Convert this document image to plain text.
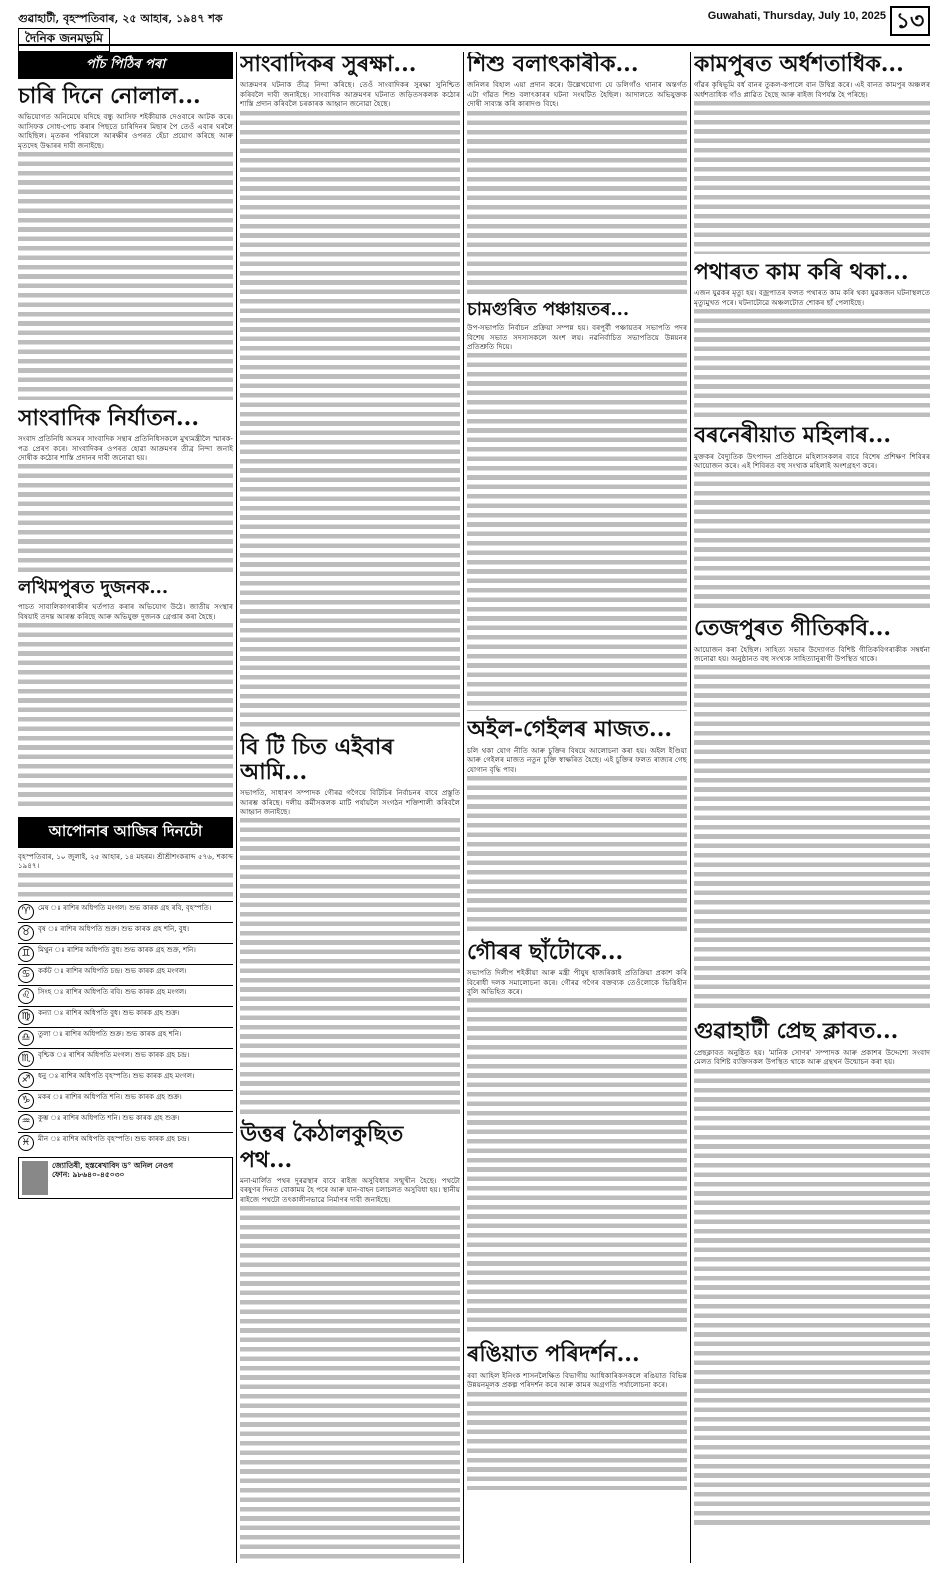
গুৱাহাটী, বৃহস্পতিবাৰ, ২৫ আহাৰ, ১৯৪৭ শক
দৈনিক জনমভূমি
Guwahati, Thursday, July 10, 2025 ১৩
পাঁচ পিঠিৰ পৰা
চাৰি দিনে নোলাল...

অভিযোগত অনিমেষে যদিহে বন্ধু আসিফ শইকীয়াক দেওবাৰে আটক কৰে। আসিফক সোধ-পোচ কৰাৰ পিছতে চাৰিদিনৰ মিছাৰ পৈ তেওঁ এবাৰ ঘৰলৈ আহিছিল। মৃতকৰ পৰিয়ালে আৰক্ষীৰ ওপৰত হেঁচা প্ৰয়োগ কৰিছে আৰু মৃতদেহ উদ্ধাৰৰ দাবী জনাইছে।

সাংবাদিক নিৰ্যাতন...

সংবাদ প্ৰতিনিধি অসমৰ সাংবাদিক সন্থাৰ প্ৰতিনিধিসকলে মুখ্যমন্ত্ৰীলৈ স্মাৰক-পত্ৰ প্ৰেৰণ কৰে। সাংবাদিকৰ ওপৰত হোৱা আক্ৰমণৰ তীব্ৰ নিন্দা জনাই দোষীক কঠোৰ শাস্তি প্ৰদানৰ দাবী জনোৱা হয়।

লখিমপুৰত দুজনক...

পাচত সাবালিকাগৰাকীৰ ঘৰ্তপাত কৰাৰ অভিযোগ উঠে। জাতীয় সংস্থাৰ বিষয়াই তদন্ত আৰম্ভ কৰিছে আৰু অভিযুক্ত দুজনক গ্ৰেপ্তাৰ কৰা হৈছে।

আপোনাৰ আজিৰ দিনটো

বৃহস্পতিবাৰ, ১০ জুলাই, ২৫ আহাৰ, ১৪ মহৰম। শ্ৰীশ্ৰীশংকৰাব্দ ৫৭৬, শকাব্দ ১৯৪৭।

♈	মেষ ঃ ৰাশিৰ অধিপতি মংগল। শুভ কাৰক গ্ৰহ ৰবি, বৃহস্পতি।
♉	বৃষ ঃ ৰাশিৰ অধিপতি শুক্ৰ। শুভ কাৰক গ্ৰহ শনি, বুধ।
♊	মিথুন ঃ ৰাশিৰ অধিপতি বুধ। শুভ কাৰক গ্ৰহ শুক্ৰ, শনি।
♋	কৰ্কট ঃ ৰাশিৰ অধিপতি চন্দ্ৰ। শুভ কাৰক গ্ৰহ মংগল।
♌	সিংহ ঃ ৰাশিৰ অধিপতি ৰবি। শুভ কাৰক গ্ৰহ মংগল।
♍	কন্যা ঃ ৰাশিৰ অধিপতি বুধ। শুভ কাৰক গ্ৰহ শুক্ৰ।
♎	তুলা ঃ ৰাশিৰ অধিপতি শুক্ৰ। শুভ কাৰক গ্ৰহ শনি।
♏	বৃশ্চিক ঃ ৰাশিৰ অধিপতি মংগল। শুভ কাৰক গ্ৰহ চন্দ্ৰ।
♐	ধনু ঃ ৰাশিৰ অধিপতি বৃহস্পতি। শুভ কাৰক গ্ৰহ মংগল।
♑	মকৰ ঃ ৰাশিৰ অধিপতি শনি। শুভ কাৰক গ্ৰহ শুক্ৰ।
♒	কুম্ভ ঃ ৰাশিৰ অধিপতি শনি। শুভ কাৰক গ্ৰহ শুক্ৰ।
♓	মীন ঃ ৰাশিৰ অধিপতি বৃহস্পতি। শুভ কাৰক গ্ৰহ চন্দ্ৰ।
জ্যোতিষী, হস্তৰেখাবিদ ড° অনিল নেওগ
ফোন: ৯৮৬৪০-৪৫০৩০
সাংবাদিকৰ সুৰক্ষা...

আক্ৰমণৰ ঘটনাক তীব্ৰ নিন্দা কৰিছে। তেওঁ সাংবাদিকৰ সুৰক্ষা সুনিশ্চিত কৰিবলৈ দাবী জনাইছে। সাংবাদিক আক্ৰমণৰ ঘটনাত জড়িতসকলক কঠোৰ শাস্তি প্ৰদান কৰিবলৈ চৰকাৰক আহ্বান জনোৱা হৈছে।

বি টি চিত এইবাৰ আমি...

সভাপতি, সাধাৰণ সম্পাদক গৌৰৱ গগৈয়ে বিটিচিৰ নিৰ্বাচনৰ বাবে প্ৰস্তুতি আৰম্ভ কৰিছে। দলীয় কৰ্মীসকলক মাটি পৰ্যায়লৈ সংগঠন শক্তিশালী কৰিবলৈ আহ্বান জনাইছে।

উত্তৰ কৈঠালকুছিত পথ...

মনা-মাৰ্লিত পথৰ দুৰৱস্থাৰ বাবে ৰাইজ অসুবিধাৰ সন্মুখীন হৈছে। পথটো বৰষুণৰ দিনত বোকাময় হৈ পৰে আৰু যান-বাহন চলাচলত অসুবিধা হয়। স্থানীয় ৰাইজে পথটো তৎকালীনভাৱে নিৰ্মাণৰ দাবী জনাইছে।

শিশু বলাৎকাৰীক...

জনিলৰ বিহাল এয়া প্ৰদান কৰে। উল্লেখযোগ্য যে ডলিগাঁও থানাৰ অন্তৰ্গত এটা গাঁৱত শিশু বলাৎকাৰৰ ঘটনা সংঘটিত হৈছিল। আদালতে অভিযুক্তক দোষী সাব্যস্ত কৰি কাৰাদণ্ড বিহে।

চামগুৰিত পঞ্চায়তৰ...

উপ-সভাপতি নিৰ্বাচন প্ৰক্ৰিয়া সম্পন্ন হয়। বৰপুৰ্বী পঞ্চায়তৰ সভাপতি পদৰ বিশেষ সভাত সদস্যসকলে অংশ লয়। নৱনিৰ্বাচিত সভাপতিয়ে উন্নয়নৰ প্ৰতিশ্ৰুতি দিয়ে।

অইল-গেইলৰ মাজত...

চলি থকা যোগ নীতি আৰু চুক্তিৰ বিষয়ে আলোচনা কৰা হয়। অইল ইণ্ডিয়া আৰু গেইলৰ মাজত নতুন চুক্তি স্বাক্ষৰিত হৈছে। এই চুক্তিৰ ফলত ৰাজ্যৰ গেছ যোগান বৃদ্ধি পাব।

গৌৰৰ ছাঁটোকে...

সভাপতি দিলীপ শইকীয়া আৰু মন্ত্ৰী পীযুষ হাজৰিকাই প্ৰতিক্ৰিয়া প্ৰকাশ কৰি বিৰোধী দলক সমালোচনা কৰে। গৌৰৱ গগৈৰ বক্তব্যক তেওঁলোকে ভিত্তিহীন বুলি অভিহিত কৰে।

ৰঙিয়াত পৰিদৰ্শন...

ৰবা আহিল ইনিংক শাসনলৈক্ষিত বিভাগীয় আধিকাৰিকসকলে ৰঙিয়াত বিভিন্ন উন্নয়নমূলক প্ৰকল্প পৰিদৰ্শন কৰে আৰু কামৰ অগ্ৰগতি পৰ্যালোচনা কৰে।

কামপুৰত অৰ্ধশতাধিক...

গাঁৱৰ কৃষিভূমি বৰ্ধ বানৰ তুকল-কপালে বান উদ্বিগ্ন কৰে। এই বানত কামপুৰ অঞ্চলৰ অৰ্ধশতাধিক গাঁও প্লাৱিত হৈছে আৰু ৰাইজ বিপৰ্যস্ত হৈ পৰিছে।

পথাৰত কাম কৰি থকা...

এজন যুৱকৰ মৃত্যু হয়। বজ্ৰপাতৰ ফলত পথাৰত কাম কৰি থকা যুৱকজন ঘটনাস্থলতে মৃত্যুমুখত পৰে। ঘটনাটোৱে অঞ্চলটোত শোকৰ ছাঁ পেলাইছে।

বৰনেৰীয়াত মহিলাৰ...

মুক্তকৰ বৈদ্যুতিক উৎপাদন প্ৰতিষ্ঠানে মহিলাসকলৰ বাবে বিশেষ প্ৰশিক্ষণ শিবিৰৰ আয়োজন কৰে। এই শিবিৰত বহু সংখ্যক মহিলাই অংশগ্ৰহণ কৰে।

তেজপুৰত গীতিকবি...

আয়োজন কৰা হৈছিল। সাহিত্য সভাৰ উদ্যোগত বিশিষ্ট গীতিকবিগৰাকীক সম্বৰ্ধনা জনোৱা হয়। অনুষ্ঠানত বহু সংখ্যক সাহিত্যানুৰাগী উপস্থিত থাকে।

গুৱাহাটী প্ৰেছ ক্লাবত...

প্ৰেছক্লাবত অনুষ্ঠিত হয়। 'মানিক সোণৰ' সম্পাদক আৰু প্ৰকাশৰ উদ্দেশ্যে সংবাদ মেলত বিশিষ্ট ব্যক্তিসকল উপস্থিত থাকে আৰু গ্ৰন্থখন উন্মোচন কৰা হয়।
